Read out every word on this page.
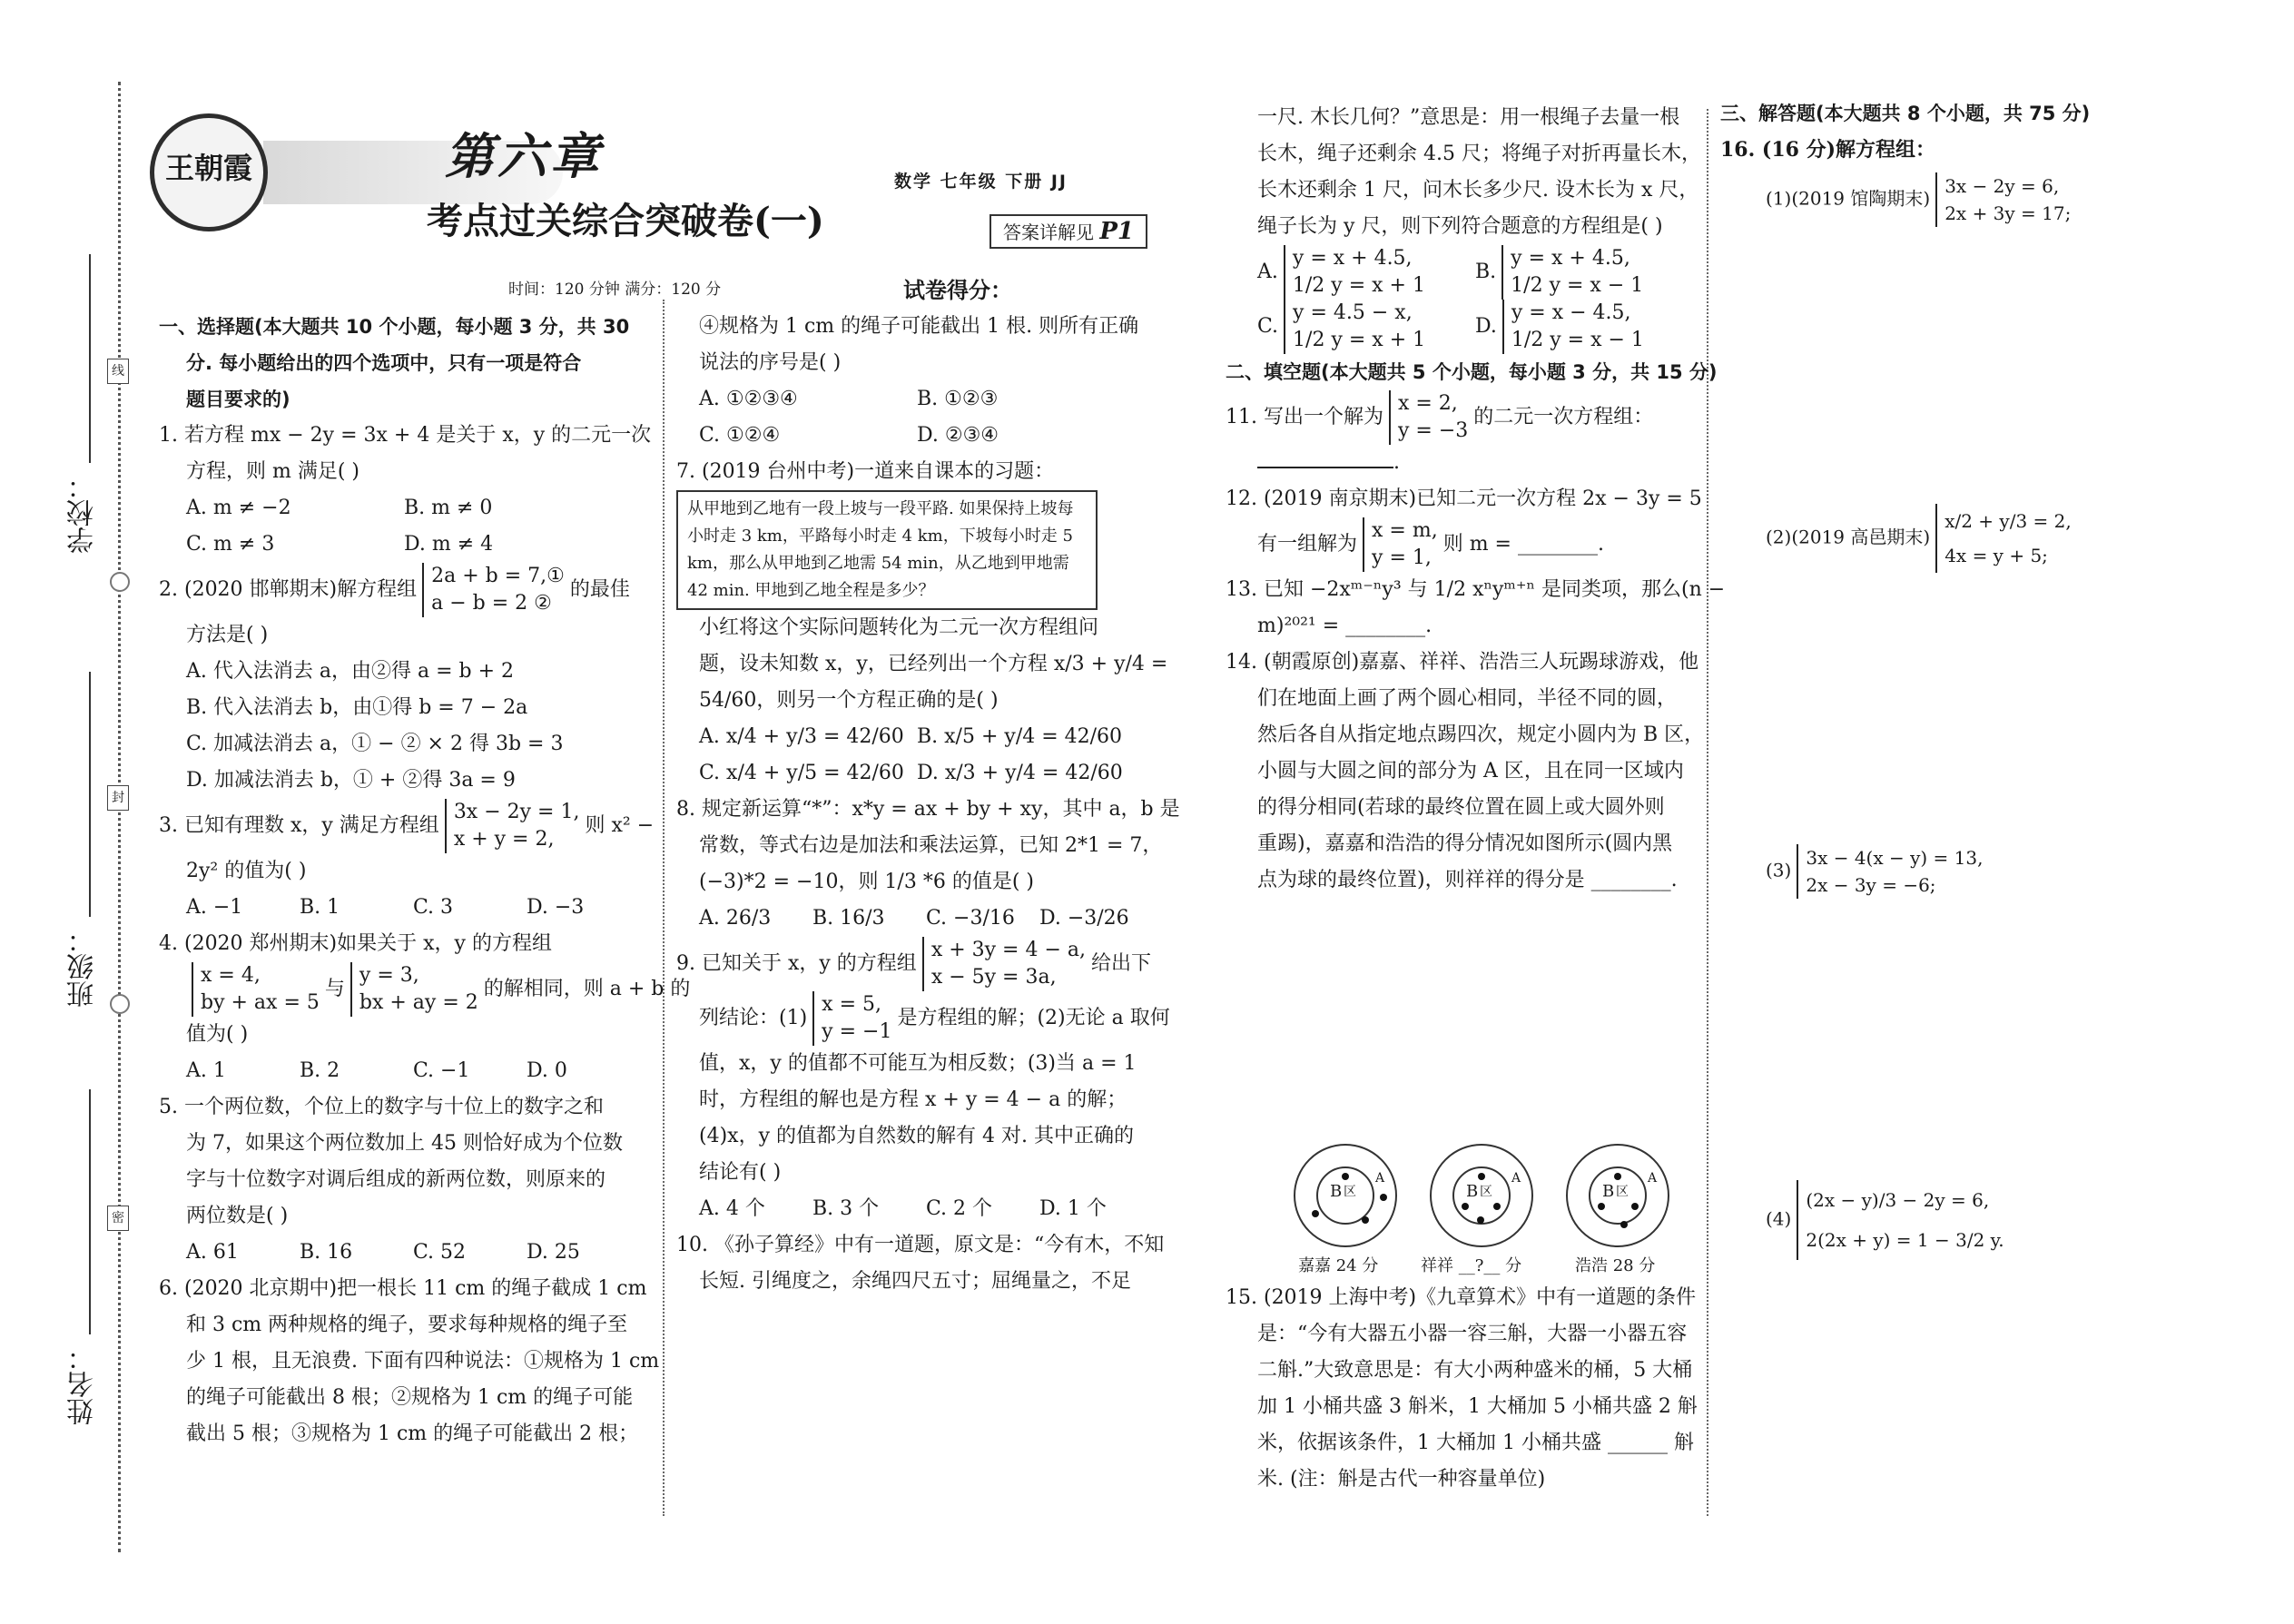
学校：
班级：
姓名：
线
封
密
王朝霞	第六章
考点过关综合突破卷(一)
数学 七年级 下册 JJ
答案详解见 P1
时间：120 分钟 满分：120 分	试卷得分：

一、选择题(本大题共 10 个小题，每小题 3 分，共 30

分. 每小题给出的四个选项中，只有一项是符合

题目要求的)

1. 若方程 mx − 2y = 3x + 4 是关于 x，y 的二元一次

方程，则 m 满足( )

A. m ≠ −2	B. m ≠ 0

C. m ≠ 3	D. m ≠ 4

2. (2020 邯郸期末)解方程组
2a + b = 7,①
a − b = 2 ②
的最佳

方法是( )

A. 代入法消去 a，由②得 a = b + 2

B. 代入法消去 b，由①得 b = 7 − 2a

C. 加减法消去 a，① − ② × 2 得 3b = 3

D. 加减法消去 b，① + ②得 3a = 9

3. 已知有理数 x，y 满足方程组
3x − 2y = 1,
x + y = 2,
则 x² −

2y² 的值为( )

A. −1	B. 1	C. 3	D. −3

4. (2020 郑州期末)如果关于 x，y 的方程组

x = 4,
by + ax = 5
与
y = 3,
bx + ay = 2
的解相同，则 a + b 的

值为( )

A. 1	B. 2	C. −1	D. 0

5. 一个两位数，个位上的数字与十位上的数字之和

为 7，如果这个两位数加上 45 则恰好成为个位数

字与十位数字对调后组成的新两位数，则原来的

两位数是( )

A. 61	B. 16	C. 52	D. 25

6. (2020 北京期中)把一根长 11 cm 的绳子截成 1 cm

和 3 cm 两种规格的绳子，要求每种规格的绳子至

少 1 根，且无浪费. 下面有四种说法：①规格为 1 cm

的绳子可能截出 8 根；②规格为 1 cm 的绳子可能

截出 5 根；③规格为 1 cm 的绳子可能截出 2 根；

④规格为 1 cm 的绳子可能截出 1 根. 则所有正确

说法的序号是( )

A. ①②③④	B. ①②③

C. ①②④	D. ②③④

7. (2019 台州中考)一道来自课本的习题：

从甲地到乙地有一段上坡与一段平路. 如果保持上坡每小时走 3 km，平路每小时走 4 km，下坡每小时走 5 km，那么从甲地到乙地需 54 min，从乙地到甲地需 42 min. 甲地到乙地全程是多少？

小红将这个实际问题转化为二元一次方程组问

题，设未知数 x，y，已经列出一个方程 x/3 + y/4 =

54/60，则另一个方程正确的是( )

A. x/4 + y/3 = 42/60 B. x/5 + y/4 = 42/60

C. x/4 + y/5 = 42/60 D. x/3 + y/4 = 42/60

8. 规定新运算“*”：x*y = ax + by + xy，其中 a，b 是

常数，等式右边是加法和乘法运算，已知 2*1 = 7，

(−3)*2 = −10，则 1/3 *6 的值是( )

A. 26/3 B. 16/3 C. −3/16 D. −3/26

9. 已知关于 x，y 的方程组
x + 3y = 4 − a,
x − 5y = 3a,
给出下

列结论：(1)
x = 5,
y = −1
是方程组的解；(2)无论 a 取何

值，x，y 的值都不可能互为相反数；(3)当 a = 1

时，方程组的解也是方程 x + y = 4 − a 的解；

(4)x，y 的值都为自然数的解有 4 对. 其中正确的

结论有( )

A. 4 个 B. 3 个 C. 2 个 D. 1 个

10. 《孙子算经》中有一道题，原文是：“今有木，不知

长短. 引绳度之，余绳四尺五寸；屈绳量之，不足

一尺. 木长几何？”意思是：用一根绳子去量一根

长木，绳子还剩余 4.5 尺；将绳子对折再量长木，

长木还剩余 1 尺，问木长多少尺. 设木长为 x 尺，

绳子长为 y 尺，则下列符合题意的方程组是( )

A.
y = x + 4.5,
1/2 y = x + 1
B.
y = x + 4.5,
1/2 y = x − 1

C.
y = 4.5 − x,
1/2 y = x + 1
D.
y = x − 4.5,
1/2 y = x − 1

二、填空题(本大题共 5 个小题，每小题 3 分，共 15 分)

11. 写出一个解为
x = 2,
y = −3
的二元一次方程组：

.

12. (2019 南京期末)已知二元一次方程 2x − 3y = 5

有一组解为
x = m,
y = 1,
则 m = ________.

13. 已知 −2xᵐ⁻ⁿy³ 与 1/2 xⁿyᵐ⁺ⁿ 是同类项，那么(n −

m)²⁰²¹ = ________.

14. (朝霞原创)嘉嘉、祥祥、浩浩三人玩踢球游戏，他

们在地面上画了两个圆心相同，半径不同的圆，

然后各自从指定地点踢四次，规定小圆内为 B 区，

小圆与大圆之间的部分为 A 区，且在同一区域内

的得分相同(若球的最终位置在圆上或大圆外则

重踢)，嘉嘉和浩浩的得分情况如图所示(圆内黑

点为球的最终位置)，则祥祥的得分是 ________.

B 区
A
嘉嘉 24 分
B 区
A
祥祥 __?__ 分
B 区
A
浩浩 28 分

15. (2019 上海中考)《九章算术》中有一道题的条件

是：“今有大器五小器一容三斛，大器一小器五容

二斛.”大致意思是：有大小两种盛米的桶，5 大桶

加 1 小桶共盛 3 斛米，1 大桶加 5 小桶共盛 2 斛

米，依据该条件，1 大桶加 1 小桶共盛 ______ 斛

米. (注：斛是古代一种容量单位)

三、解答题(本大题共 8 个小题，共 75 分)

16. (16 分)解方程组：

(1)(2019 馆陶期末)
3x − 2y = 6,
2x + 3y = 17;
(2)(2019 高邑期末)
x/2 + y/3 = 2,
4x = y + 5;
(3)
3x − 4(x − y) = 13,
2x − 3y = −6;
(4)
(2x − y)/3 − 2y = 6,
2(2x + y) = 1 − 3/2 y.
